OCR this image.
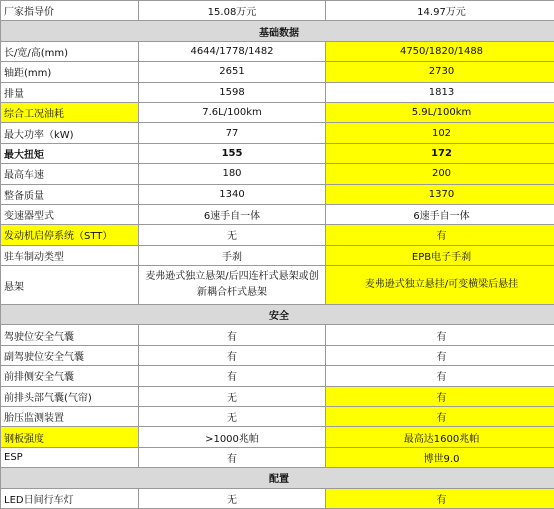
厂家指导价	15.08万元	14.97万元
基础数据		
长/宽/高(mm)	4644/1778/1482	4750/1820/1488
轴距(mm)	2651	2730
排量	1598	1813
综合工况油耗	7.6L/100km	5.9L/100km
最大功率（kW)	77	102
最大扭矩	155	172
最高车速	180	200
整备质量	1340	1370
变速器型式	6速手自一体	6速手自一体
发动机启停系统（STT）	无	有
驻车制动类型	手刹	EPB电子手刹
悬架	麦弗逊式独立悬架/后四连杆式悬架或创新耦合杆式悬架	麦弗逊式独立悬挂/可变横梁后悬挂
安全		
驾驶位安全气囊	有	有
副驾驶位安全气囊	有	有
前排侧安全气囊	有	有
前排头部气囊(气帘)	无	有
胎压监测装置	无	有
钢板强度	>1000兆帕	最高达1600兆帕
ESP	有	博世9.0
配置		
LED日间行车灯	无	有
